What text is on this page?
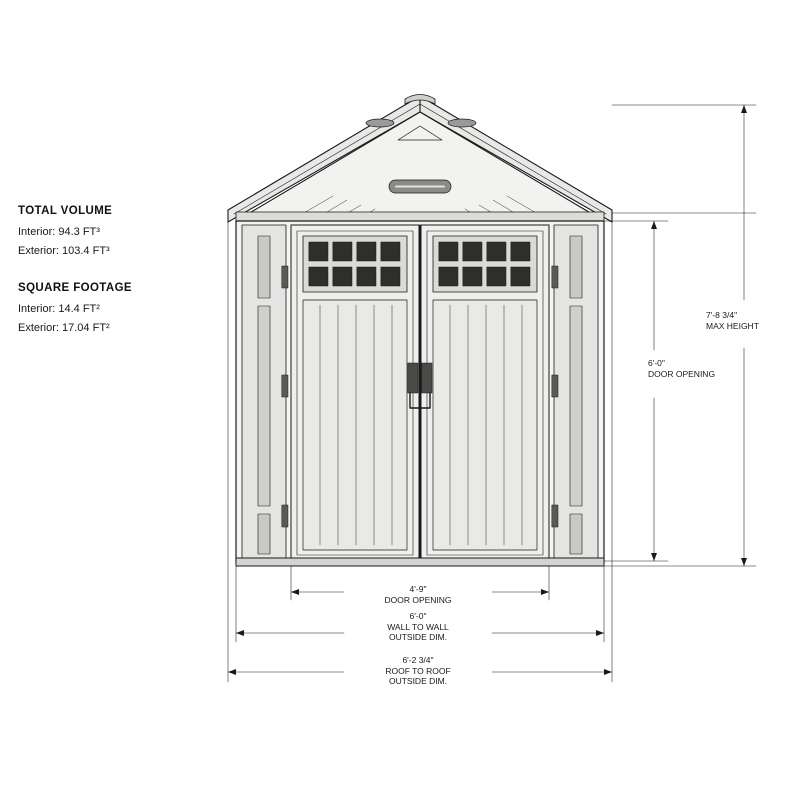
TOTAL VOLUME

Interior: 94.3 FT³

Exterior: 103.4 FT³

SQUARE FOOTAGE

Interior: 14.4 FT²

Exterior: 17.04 FT²

7'-8 3/4"
MAX HEIGHT
6'-0"
DOOR OPENING
4'-9"
DOOR OPENING
6'-0"
WALL TO WALL
OUTSIDE DIM.
6'-2 3/4"
ROOF TO ROOF
OUTSIDE DIM.
